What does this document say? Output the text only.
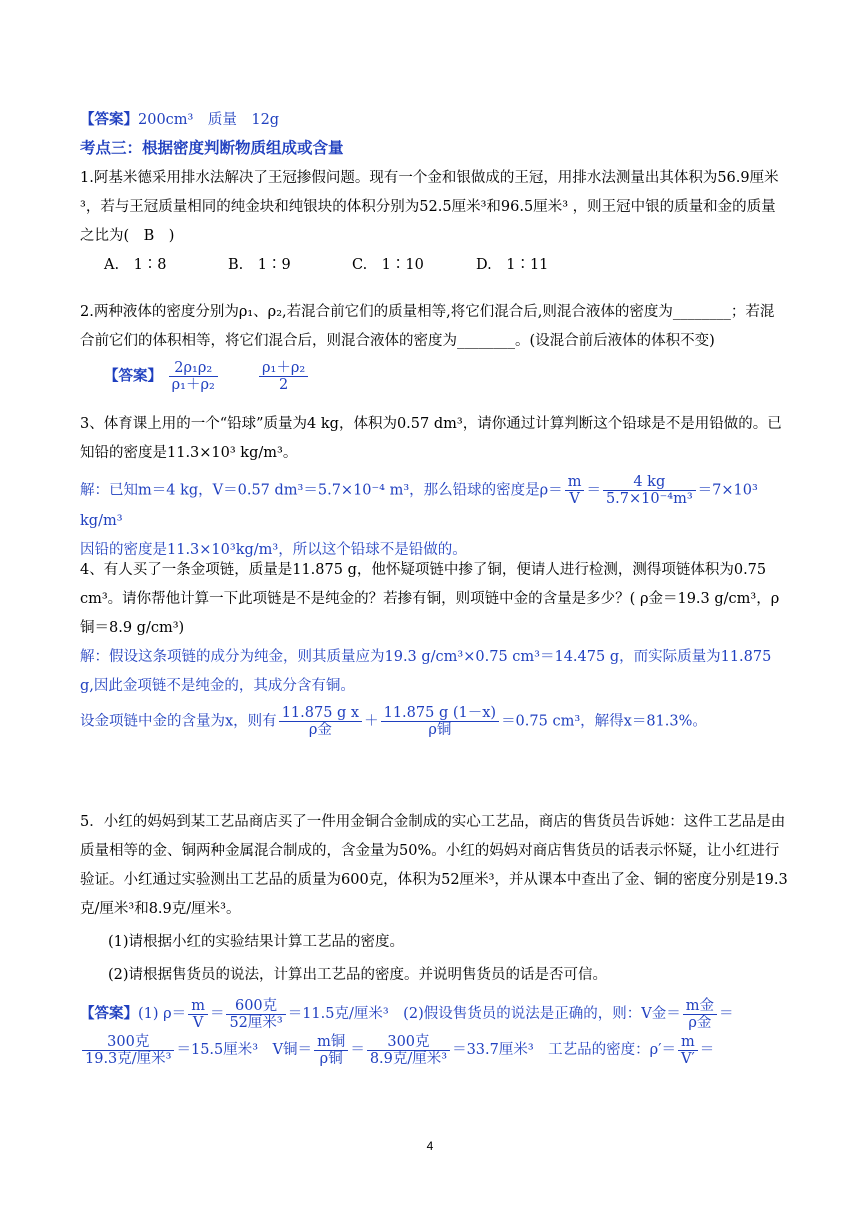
【答案】200cm³　质量　12g
考点三：根据密度判断物质组成或含量
1.阿基米德采用排水法解决了王冠掺假问题。现有一个金和银做成的王冠，用排水法测量出其体积为56.9厘米³，若与王冠质量相同的纯金块和纯银块的体积分别为52.5厘米³和96.5厘米³ ，则王冠中银的质量和金的质量之比为(　B　)
A.　1∶8	B.　1∶9	C.　1∶10	D.　1∶11
2.两种液体的密度分别为ρ₁、ρ₂,若混合前它们的质量相等,将它们混合后,则混合液体的密度为________；若混合前它们的体积相等，将它们混合后，则混合液体的密度为________。(设混合前后液体的体积不变)
【答案】 $\frac{\text{2ρ₁ρ₂}}{\text{ρ₁＋ρ₂}}$
	$\frac{\text{ρ₁＋ρ₂}}{2}$
3、体育课上用的一个“铅球”质量为4 kg，体积为0.57 dm³，请你通过计算判断这个铅球是不是用铅做的。已知铅的密度是11.3×10³ kg/m³。
解：已知m＝4 kg，V＝0.57 dm³＝5.7×10⁻⁴ m³，那么铅球的密度是$\rho= \frac{m}{V} = \frac{4 kg}{\text{5.7×10⁻⁴m³}} =7\times 10^3$ kg/m³
因铅的密度是11.3×10³kg/m³，所以这个铅球不是铅做的。
4、有人买了一条金项链，质量是11.875 g，他怀疑项链中掺了铜，便请人进行检测，测得项链体积为0.75 cm³。请你帮他计算一下此项链是不是纯金的？若掺有铜，则项链中金的含量是多少？( ρ金＝19.3 g/cm³，ρ铜＝8.9 g/cm³)
解：假设这条项链的成分为纯金，则其质量应为19.3 g/cm³×0.75 cm³＝14.475 g，而实际质量为11.875 g,因此金项链不是纯金的，其成分含有铜。
设金项链中金的含量为x，则有 $\frac{\text{11.875 g x}}{\text{ρ金}} + \frac{11.875 g (1-x)}{\text{ρ铜}} =0.75$ cm³，解得x＝81.3%。
5．小红的妈妈到某工艺品商店买了一件用金铜合金制成的实心工艺品，商店的售货员告诉她：这件工艺品是由质量相等的金、铜两种金属混合制成的，含金量为50%。小红的妈妈对商店售货员的话表示怀疑，让小红进行验证。小红通过实验测出工艺品的质量为600克，体积为52厘米³，并从课本中查出了金、铜的密度分别是19.3克/厘米³和8.9克/厘米³。
(1)请根据小红的实验结果计算工艺品的密度。
(2)请根据售货员的说法，计算出工艺品的密度。并说明售货员的话是否可信。
【答案】(1) $\rho= \frac{m}{V} = \frac{\text{600克}}{\text{52厘米³}} =11.5$克/厘米³　(2)假设售货员的说法是正确的，则：V金＝ $\frac{\text{m金}}{\text{ρ金}}$ ＝
$\frac{\text{300克}}{\text{19.3克/厘米³}} =15.5$厘米³　V铜＝ $\frac{\text{m铜}}{\text{ρ铜}} = \frac{\text{300克}}{\text{8.9克/厘米³}} =33.7$厘米³　工艺品的密度：$\rho'= \frac{m}{V'}$ ＝
4
